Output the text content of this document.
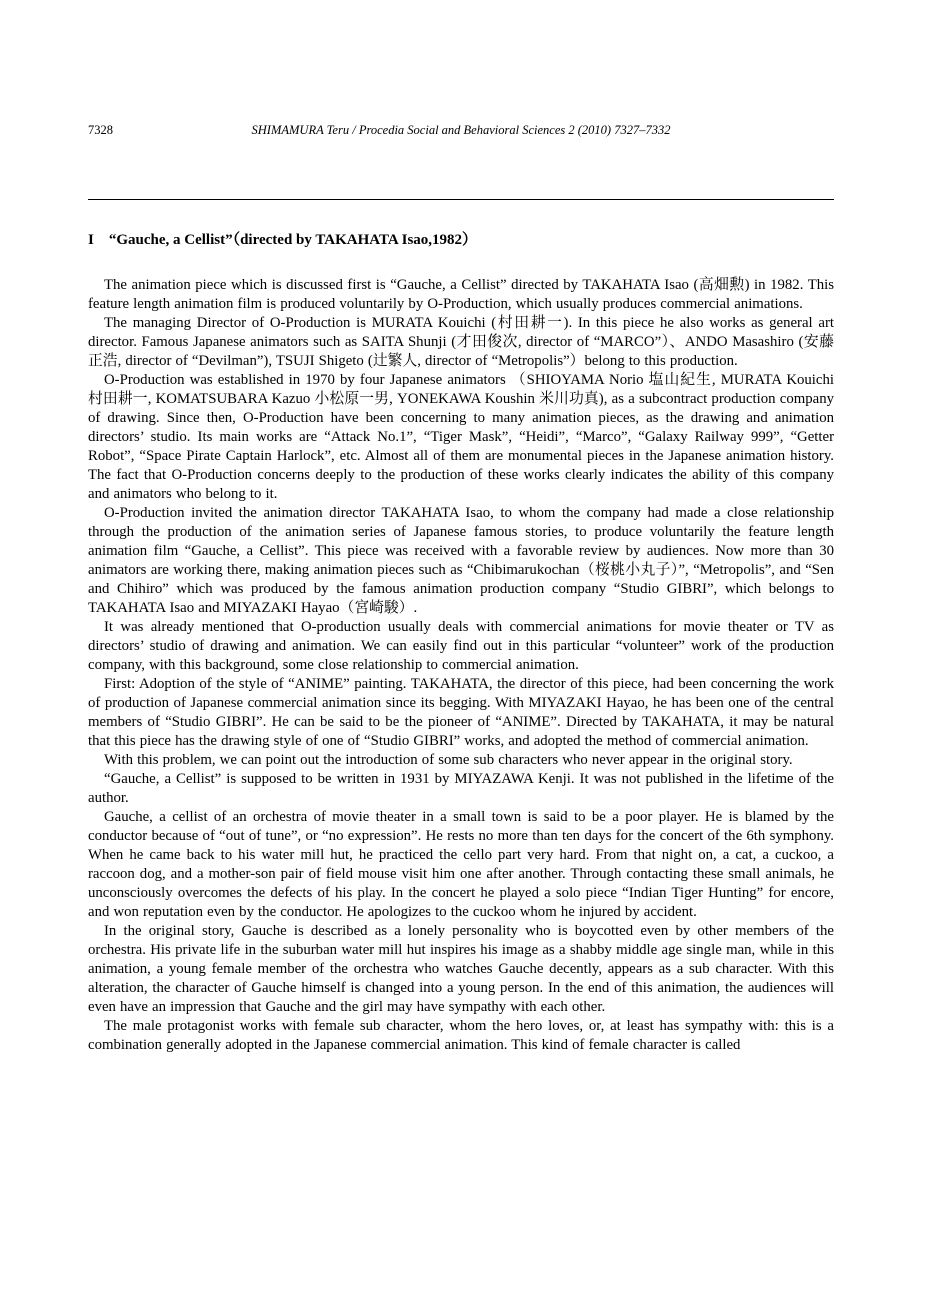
7328	SHIMAMURA Teru / Procedia Social and Behavioral Sciences 2 (2010) 7327–7332
I　“Gauche, a Cellist”（directed by TAKAHATA Isao,1982）

The animation piece which is discussed first is “Gauche, a Cellist” directed by TAKAHATA Isao (高畑勲) in 1982. This feature length animation film is produced voluntarily by O-Production, which usually produces commercial animations.

The managing Director of O-Production is MURATA Kouichi (村田耕一). In this piece he also works as general art director. Famous Japanese animators such as SAITA Shunji (才田俊次, director of “MARCO”）、ANDO Masashiro (安藤正浩, director of “Devilman”), TSUJI Shigeto (辻繁人, director of “Metropolis”）belong to this production.

O-Production was established in 1970 by four Japanese animators （SHIOYAMA Norio 塩山紀生, MURATA Kouichi 村田耕一, KOMATSUBARA Kazuo 小松原一男, YONEKAWA Koushin 米川功真), as a subcontract production company of drawing. Since then, O-Production have been concerning to many animation pieces, as the drawing and animation directors’ studio. Its main works are “Attack No.1”, “Tiger Mask”, “Heidi”, “Marco”, “Galaxy Railway 999”, “Getter Robot”, “Space Pirate Captain Harlock”, etc. Almost all of them are monumental pieces in the Japanese animation history. The fact that O-Production concerns deeply to the production of these works clearly indicates the ability of this company and animators who belong to it.

O-Production invited the animation director TAKAHATA Isao, to whom the company had made a close relationship through the production of the animation series of Japanese famous stories, to produce voluntarily the feature length animation film “Gauche, a Cellist”. This piece was received with a favorable review by audiences. Now more than 30 animators are working there, making animation pieces such as “Chibimarukochan（桜桃小丸子）”, “Metropolis”, and “Sen and Chihiro” which was produced by the famous animation production company “Studio GIBRI”, which belongs to TAKAHATA Isao and MIYAZAKI Hayao（宮崎駿）.

It was already mentioned that O-production usually deals with commercial animations for movie theater or TV as directors’ studio of drawing and animation. We can easily find out in this particular “volunteer” work of the production company, with this background, some close relationship to commercial animation.

First: Adoption of the style of “ANIME” painting. TAKAHATA, the director of this piece, had been concerning the work of production of Japanese commercial animation since its begging. With MIYAZAKI Hayao, he has been one of the central members of “Studio GIBRI”. He can be said to be the pioneer of “ANIME”. Directed by TAKAHATA, it may be natural that this piece has the drawing style of one of “Studio GIBRI” works, and adopted the method of commercial animation.

With this problem, we can point out the introduction of some sub characters who never appear in the original story.

“Gauche, a Cellist” is supposed to be written in 1931 by MIYAZAWA Kenji. It was not published in the lifetime of the author.

Gauche, a cellist of an orchestra of movie theater in a small town is said to be a poor player. He is blamed by the conductor because of “out of tune”, or “no expression”. He rests no more than ten days for the concert of the 6th symphony. When he came back to his water mill hut, he practiced the cello part very hard. From that night on, a cat, a cuckoo, a raccoon dog, and a mother-son pair of field mouse visit him one after another. Through contacting these small animals, he unconsciously overcomes the defects of his play. In the concert he played a solo piece “Indian Tiger Hunting” for encore, and won reputation even by the conductor. He apologizes to the cuckoo whom he injured by accident.

In the original story, Gauche is described as a lonely personality who is boycotted even by other members of the orchestra. His private life in the suburban water mill hut inspires his image as a shabby middle age single man, while in this animation, a young female member of the orchestra who watches Gauche decently, appears as a sub character. With this alteration, the character of Gauche himself is changed into a young person. In the end of this animation, the audiences will even have an impression that Gauche and the girl may have sympathy with each other.

The male protagonist works with female sub character, whom the hero loves, or, at least has sympathy with: this is a combination generally adopted in the Japanese commercial animation. This kind of female character is called
